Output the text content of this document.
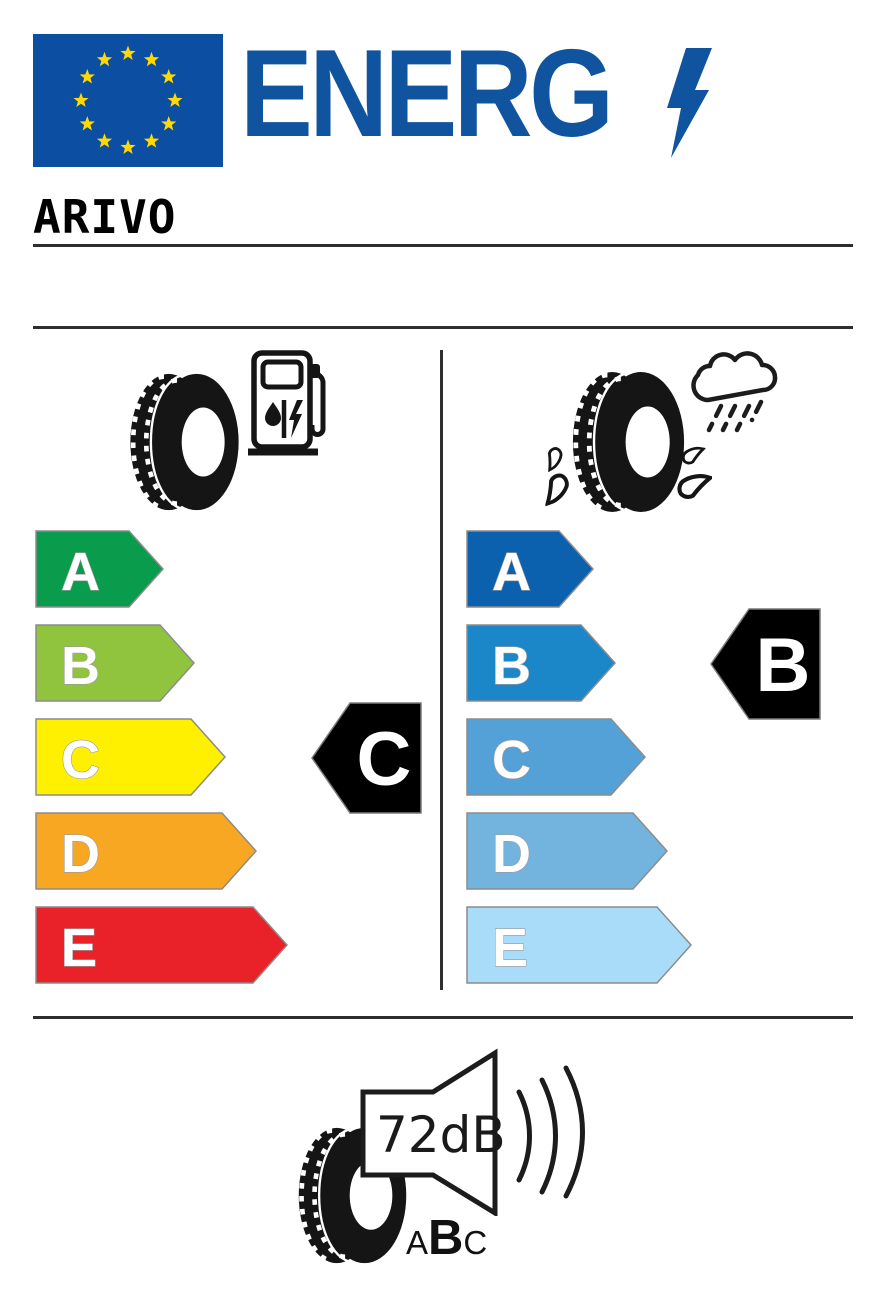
ENERG
ARIVO
A
B
C
D
E
C
A
B
C
D
E
B
72dB
A B C
